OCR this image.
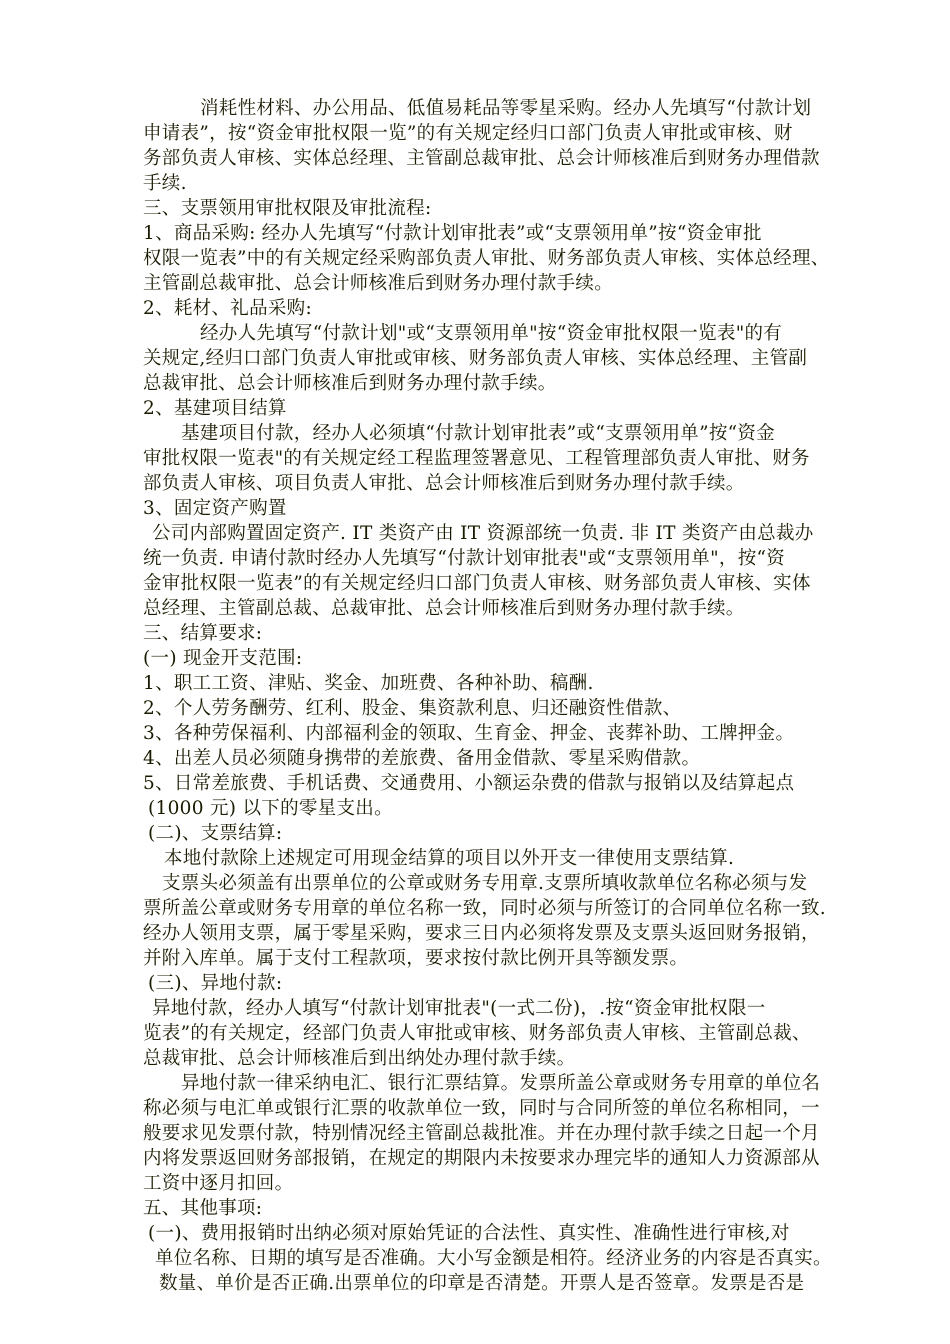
消耗性材料、办公用品、低值易耗品等零星采购。经办人先填写“付款计划
申请表”，按“资金审批权限一览”的有关规定经归口部门负责人审批或审核、财
务部负责人审核、实体总经理、主管副总裁审批、总会计师核准后到财务办理借款
手续.
三、支票领用审批权限及审批流程:
1、商品采购: 经办人先填写“付款计划审批表”或“支票领用单”按“资金审批
权限一览表”中的有关规定经采购部负责人审批、财务部负责人审核、实体总经理、
主管副总裁审批、总会计师核准后到财务办理付款手续。
2、耗材、礼品采购:
经办人先填写“付款计划"或“支票领用单"按“资金审批权限一览表"的有
关规定,经归口部门负责人审批或审核、财务部负责人审核、实体总经理、主管副
总裁审批、总会计师核准后到财务办理付款手续。
2、基建项目结算
基建项目付款，经办人必须填“付款计划审批表”或“支票领用单”按“资金
审批权限一览表"的有关规定经工程监理签署意见、工程管理部负责人审批、财务
部负责人审核、项目负责人审批、总会计师核准后到财务办理付款手续。
3、固定资产购置
公司内部购置固定资产. IT 类资产由 IT 资源部统一负责. 非 IT 类资产由总裁办
统一负责. 申请付款时经办人先填写“付款计划审批表"或“支票领用单"，按“资
金审批权限一览表”的有关规定经归口部门负责人审核、财务部负责人审核、实体
总经理、主管副总裁、总裁审批、总会计师核准后到财务办理付款手续。
三、结算要求:
(一) 现金开支范围:
1、职工工资、津贴、奖金、加班费、各种补助、稿酬.
2、个人劳务酬劳、红利、股金、集资款利息、归还融资性借款、
3、各种劳保福利、内部福利金的领取、生育金、押金、丧葬补助、工牌押金。
4、出差人员必须随身携带的差旅费、备用金借款、零星采购借款。
5、日常差旅费、手机话费、交通费用、小额运杂费的借款与报销以及结算起点
(1000 元) 以下的零星支出。
(二)、支票结算:
本地付款除上述规定可用现金结算的项目以外开支一律使用支票结算.
支票头必须盖有出票单位的公章或财务专用章.支票所填收款单位名称必须与发
票所盖公章或财务专用章的单位名称一致，同时必须与所签订的合同单位名称一致.
经办人领用支票，属于零星采购，要求三日内必须将发票及支票头返回财务报销，
并附入库单。属于支付工程款项，要求按付款比例开具等额发票。
(三)、异地付款:
异地付款，经办人填写“付款计划审批表"(一式二份)，.按“资金审批权限一
览表”的有关规定，经部门负责人审批或审核、财务部负责人审核、主管副总裁、
总裁审批、总会计师核准后到出纳处办理付款手续。
异地付款一律采纳电汇、银行汇票结算。发票所盖公章或财务专用章的单位名
称必须与电汇单或银行汇票的收款单位一致，同时与合同所签的单位名称相同，一
般要求见发票付款，特别情况经主管副总裁批准。并在办理付款手续之日起一个月
内将发票返回财务部报销，在规定的期限内未按要求办理完毕的通知人力资源部从
工资中逐月扣回。
五、其他事项:
(一)、费用报销时出纳必须对原始凭证的合法性、真实性、准确性进行审核,对
单位名称、日期的填写是否准确。大小写金额是相符。经济业务的内容是否真实。
数量、单价是否正确.出票单位的印章是否清楚。开票人是否签章。发票是否是
